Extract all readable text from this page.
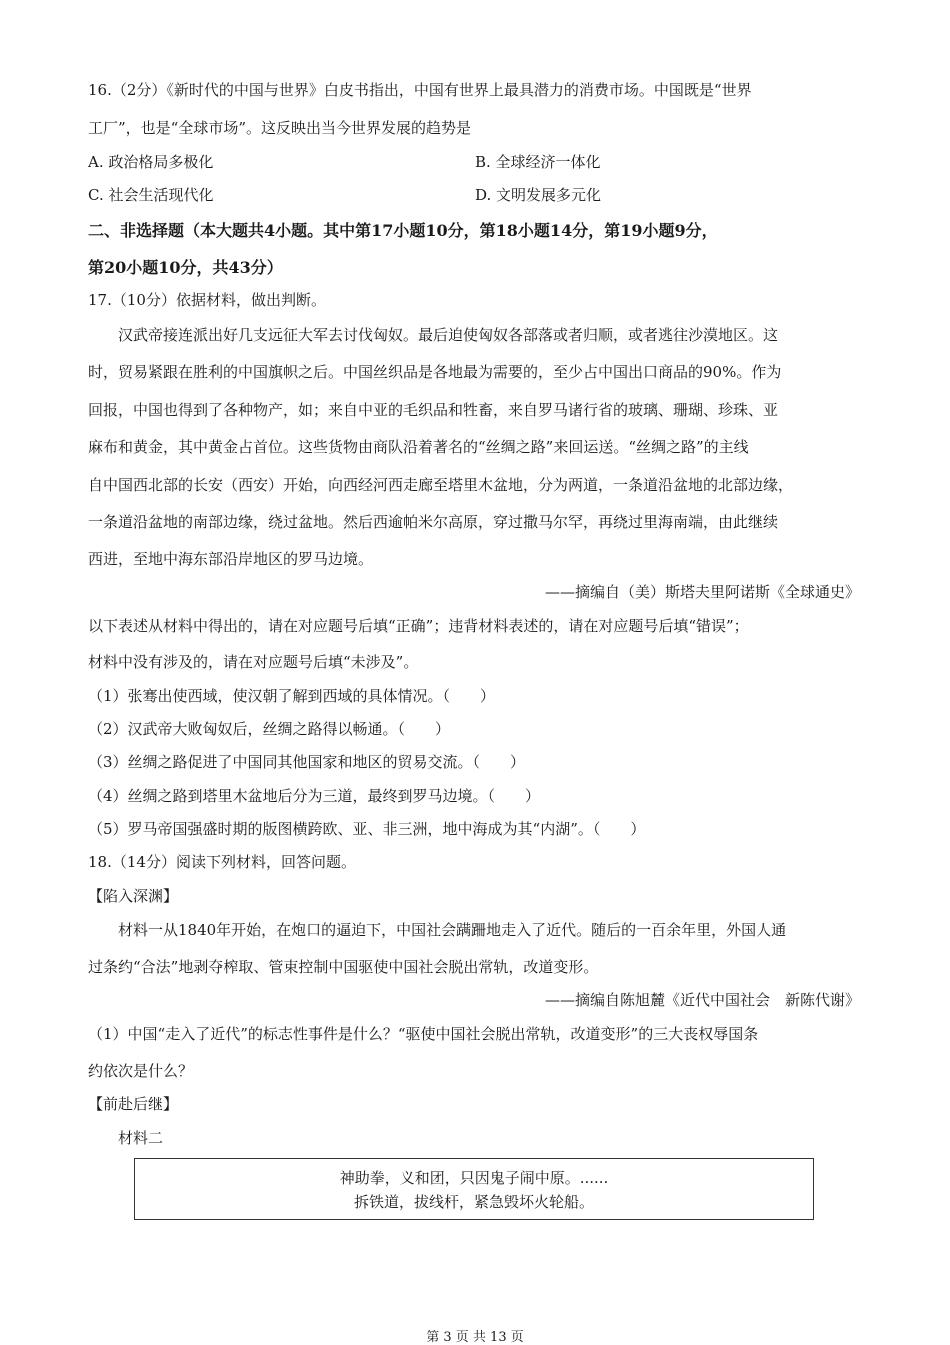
16.（2分）《新时代的中国与世界》白皮书指出，中国有世界上最具潜力的消费市场。中国既是“世界
工厂”，也是“全球市场”。这反映出当今世界发展的趋势是
A. 政治格局多极化	B. 全球经济一体化
C. 社会生活现代化	D. 文明发展多元化
二、非选择题（本大题共4小题。其中第17小题10分，第18小题14分，第19小题9分，
第20小题10分，共43分）
17.（10分）依据材料，做出判断。
汉武帝接连派出好几支远征大军去讨伐匈奴。最后迫使匈奴各部落或者归顺，或者逃往沙漠地区。这
时，贸易紧跟在胜利的中国旗帜之后。中国丝织品是各地最为需要的，至少占中国出口商品的90%。作为
回报，中国也得到了各种物产，如；来自中亚的毛织品和牲畜，来自罗马诸行省的玻璃、珊瑚、珍珠、亚
麻布和黄金，其中黄金占首位。这些货物由商队沿着著名的“丝绸之路”来回运送。“丝绸之路”的主线
自中国西北部的长安（西安）开始，向西经河西走廊至塔里木盆地，分为两道，一条道沿盆地的北部边缘，
一条道沿盆地的南部边缘，绕过盆地。然后西逾帕米尔高原，穿过撒马尔罕，再绕过里海南端，由此继续
西进，至地中海东部沿岸地区的罗马边境。
——摘编自（美）斯塔夫里阿诺斯《全球通史》
以下表述从材料中得出的，请在对应题号后填“正确”；违背材料表述的，请在对应题号后填“错误”；
材料中没有涉及的，请在对应题号后填“未涉及”。
（1）张骞出使西域，使汉朝了解到西域的具体情况。（　　）
（2）汉武帝大败匈奴后，丝绸之路得以畅通。（　　）
（3）丝绸之路促进了中国同其他国家和地区的贸易交流。（　　）
（4）丝绸之路到塔里木盆地后分为三道，最终到罗马边境。（　　）
（5）罗马帝国强盛时期的版图横跨欧、亚、非三洲，地中海成为其“内湖”。（　　）
18.（14分）阅读下列材料，回答问题。
【陷入深渊】
材料一从1840年开始，在炮口的逼迫下，中国社会蹒跚地走入了近代。随后的一百余年里，外国人通
过条约“合法”地剥夺榨取、管束控制中国驱使中国社会脱出常轨，改道变形。
——摘编自陈旭麓《近代中国社会　新陈代谢》
（1）中国“走入了近代”的标志性事件是什么？“驱使中国社会脱出常轨，改道变形”的三大丧权辱国条
约依次是什么？
【前赴后继】
材料二
神助拳，义和团，只因鬼子闹中原。......
拆铁道，拔线杆，紧急毁坏火轮船。
第 3 页 共 13 页
